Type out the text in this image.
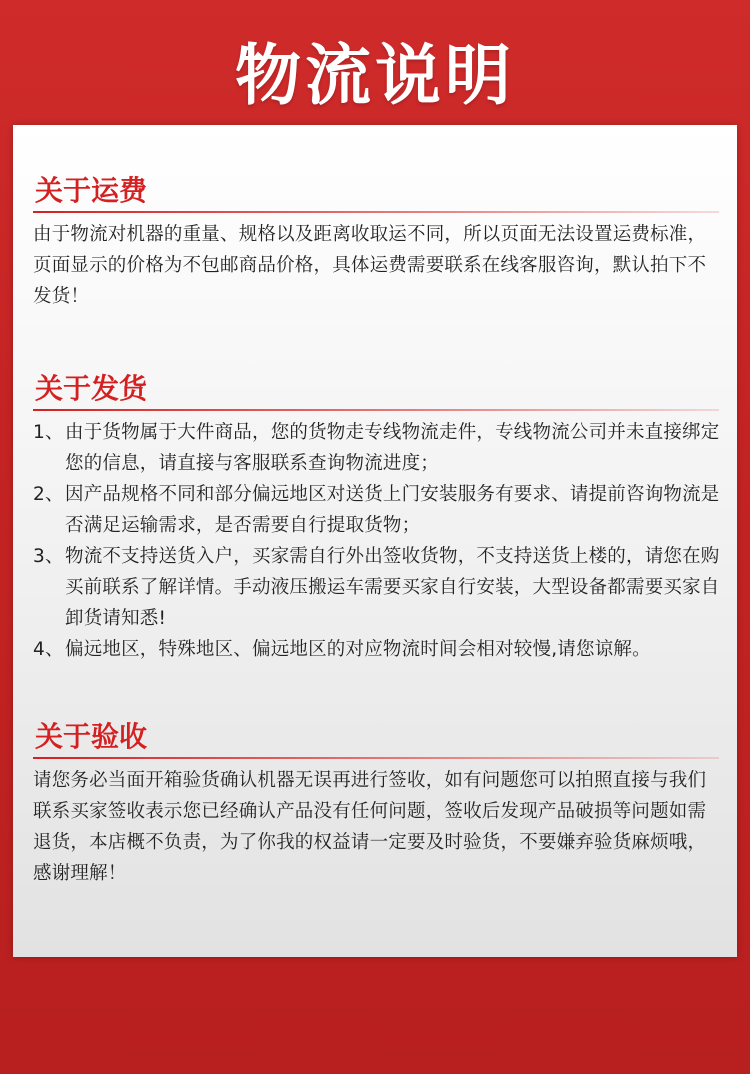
物流说明
关于运费

由于物流对机器的重量、规格以及距离收取运不同，所以页面无法设置运费标准，页面显示的价格为不包邮商品价格，具体运费需要联系在线客服咨询，默认拍下不发货！

关于发货
1、 由于货物属于大件商品，您的货物走专线物流走件，专线物流公司并未直接绑定您的信息，请直接与客服联系查询物流进度；
2、 因产品规格不同和部分偏远地区对送货上门安装服务有要求、请提前咨询物流是否满足运输需求，是否需要自行提取货物；
3、 物流不支持送货入户，买家需自行外出签收货物，不支持送货上楼的，请您在购买前联系了解详情。手动液压搬运车需要买家自行安装，大型设备都需要买家自卸货请知悉!
4、 偏远地区，特殊地区、偏远地区的对应物流时间会相对较慢,请您谅解。
关于验收

请您务必当面开箱验货确认机器无误再进行签收，如有问题您可以拍照直接与我们联系买家签收表示您已经确认产品没有任何问题，签收后发现产品破损等问题如需退货，本店概不负责，为了你我的权益请一定要及时验货，不要嫌弃验货麻烦哦，感谢理解！
